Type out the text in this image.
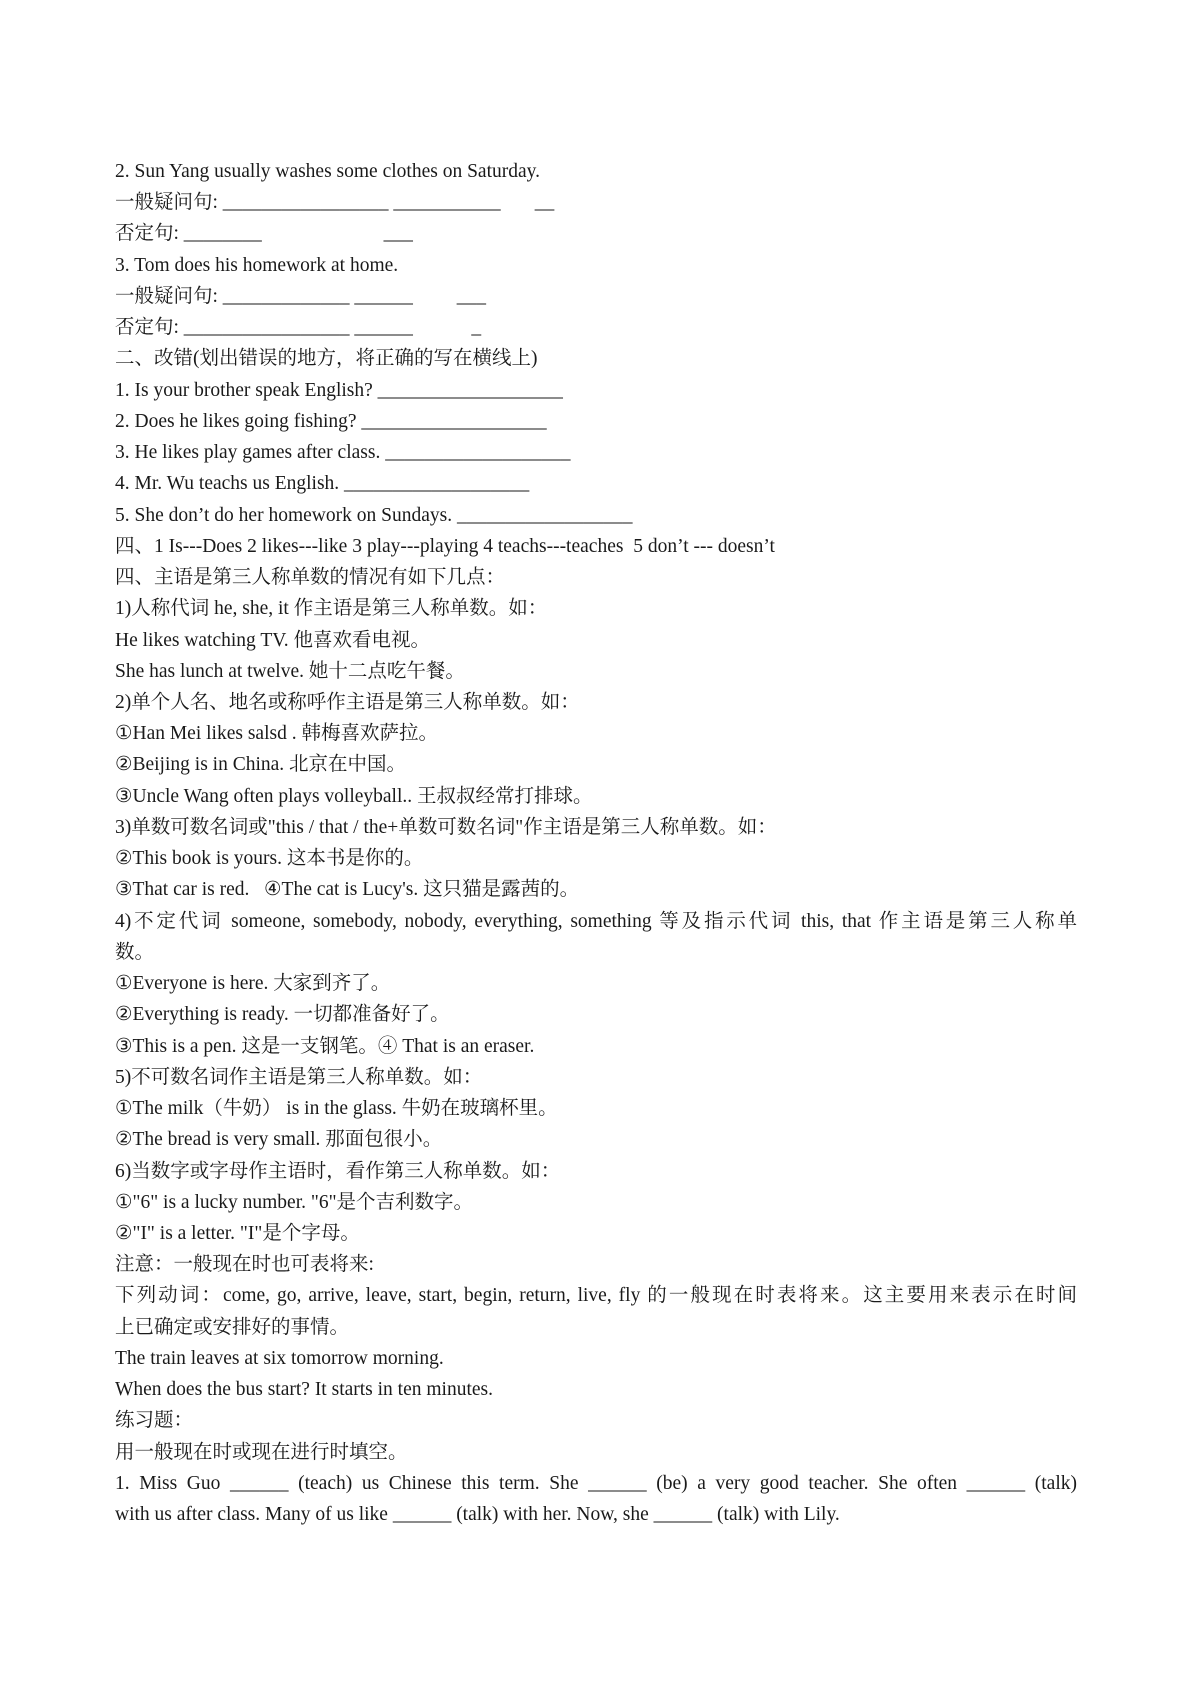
2. Sun Yang usually washes some clothes on Saturday.
一般疑问句: _________________ ___________       __
否定句: ________                         ___
3. Tom does his homework at home.
一般疑问句: _____________ ______         ___
否定句: _________________ ______            _
二、改错(划出错误的地方，将正确的写在横线上)
1. Is your brother speak English? ___________________
2. Does he likes going fishing? ___________________
3. He likes play games after class. ___________________
4. Mr. Wu teachs us English. ___________________
5. She don’t do her homework on Sundays. __________________
四、1 Is---Does 2 likes---like 3 play---playing 4 teachs---teaches  5 don’t --- doesn’t
四、主语是第三人称单数的情况有如下几点：
1)人称代词 he, she, it 作主语是第三人称单数。如：
He likes watching TV. 他喜欢看电视。
She has lunch at twelve. 她十二点吃午餐。
2)单个人名、地名或称呼作主语是第三人称单数。如：
①Han Mei likes salsd . 韩梅喜欢萨拉。
②Beijing is in China. 北京在中国。
③Uncle Wang often plays volleyball.. 王叔叔经常打排球。
3)单数可数名词或"this / that / the+单数可数名词"作主语是第三人称单数。如：
②This book is yours. 这本书是你的。
③That car is red.   ④The cat is Lucy's. 这只猫是露茜的。
4)不定代词 someone, somebody, nobody, everything, something 等及指示代词 this, that 作主语是第三人称单
数。
①Everyone is here. 大家到齐了。
②Everything is ready. 一切都准备好了。
③This is a pen. 这是一支钢笔。④ That is an eraser.
5)不可数名词作主语是第三人称单数。如：
①The milk（牛奶） is in the glass. 牛奶在玻璃杯里。
②The bread is very small. 那面包很小。
6)当数字或字母作主语时，看作第三人称单数。如：
①"6" is a lucky number. "6"是个吉利数字。
②"I" is a letter. "I"是个字母。
注意：一般现在时也可表将来:
下列动词：come, go, arrive, leave, start, begin, return, live, fly 的一般现在时表将来。这主要用来表示在时间
上已确定或安排好的事情。
The train leaves at six tomorrow morning.
When does the bus start? It starts in ten minutes.
练习题：
用一般现在时或现在进行时填空。
1. Miss Guo ______ (teach) us Chinese this term. She ______ (be) a very good teacher. She often ______ (talk)
with us after class. Many of us like ______ (talk) with her. Now, she ______ (talk) with Lily.
